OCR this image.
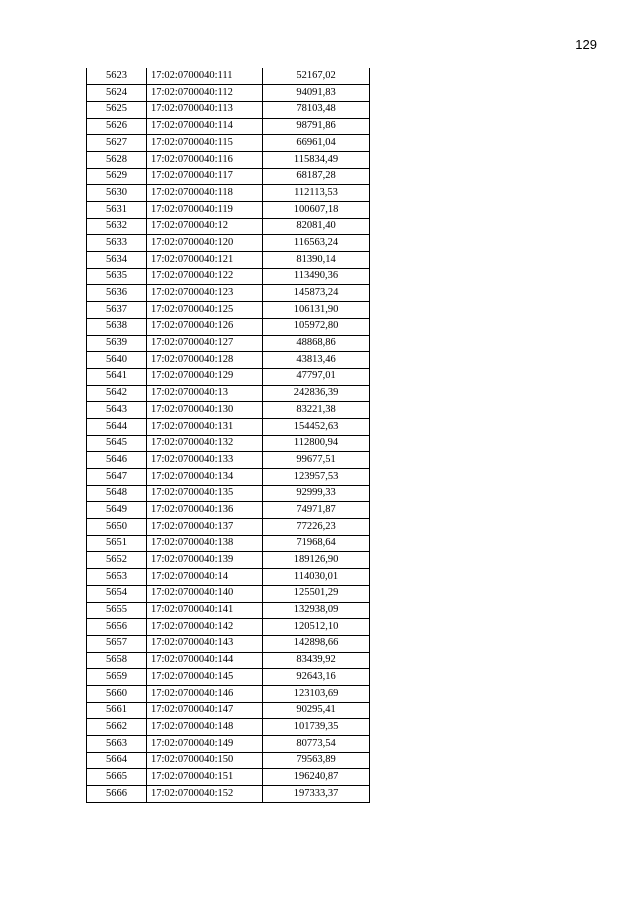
129
5623	17:02:0700040:111	52167,02
5624	17:02:0700040:112	94091,83
5625	17:02:0700040:113	78103,48
5626	17:02:0700040:114	98791,86
5627	17:02:0700040:115	66961,04
5628	17:02:0700040:116	115834,49
5629	17:02:0700040:117	68187,28
5630	17:02:0700040:118	112113,53
5631	17:02:0700040:119	100607,18
5632	17:02:0700040:12	82081,40
5633	17:02:0700040:120	116563,24
5634	17:02:0700040:121	81390,14
5635	17:02:0700040:122	113490,36
5636	17:02:0700040:123	145873,24
5637	17:02:0700040:125	106131,90
5638	17:02:0700040:126	105972,80
5639	17:02:0700040:127	48868,86
5640	17:02:0700040:128	43813,46
5641	17:02:0700040:129	47797,01
5642	17:02:0700040:13	242836,39
5643	17:02:0700040:130	83221,38
5644	17:02:0700040:131	154452,63
5645	17:02:0700040:132	112800,94
5646	17:02:0700040:133	99677,51
5647	17:02:0700040:134	123957,53
5648	17:02:0700040:135	92999,33
5649	17:02:0700040:136	74971,87
5650	17:02:0700040:137	77226,23
5651	17:02:0700040:138	71968,64
5652	17:02:0700040:139	189126,90
5653	17:02:0700040:14	114030,01
5654	17:02:0700040:140	125501,29
5655	17:02:0700040:141	132938,09
5656	17:02:0700040:142	120512,10
5657	17:02:0700040:143	142898,66
5658	17:02:0700040:144	83439,92
5659	17:02:0700040:145	92643,16
5660	17:02:0700040:146	123103,69
5661	17:02:0700040:147	90295,41
5662	17:02:0700040:148	101739,35
5663	17:02:0700040:149	80773,54
5664	17:02:0700040:150	79563,89
5665	17:02:0700040:151	196240,87
5666	17:02:0700040:152	197333,37
